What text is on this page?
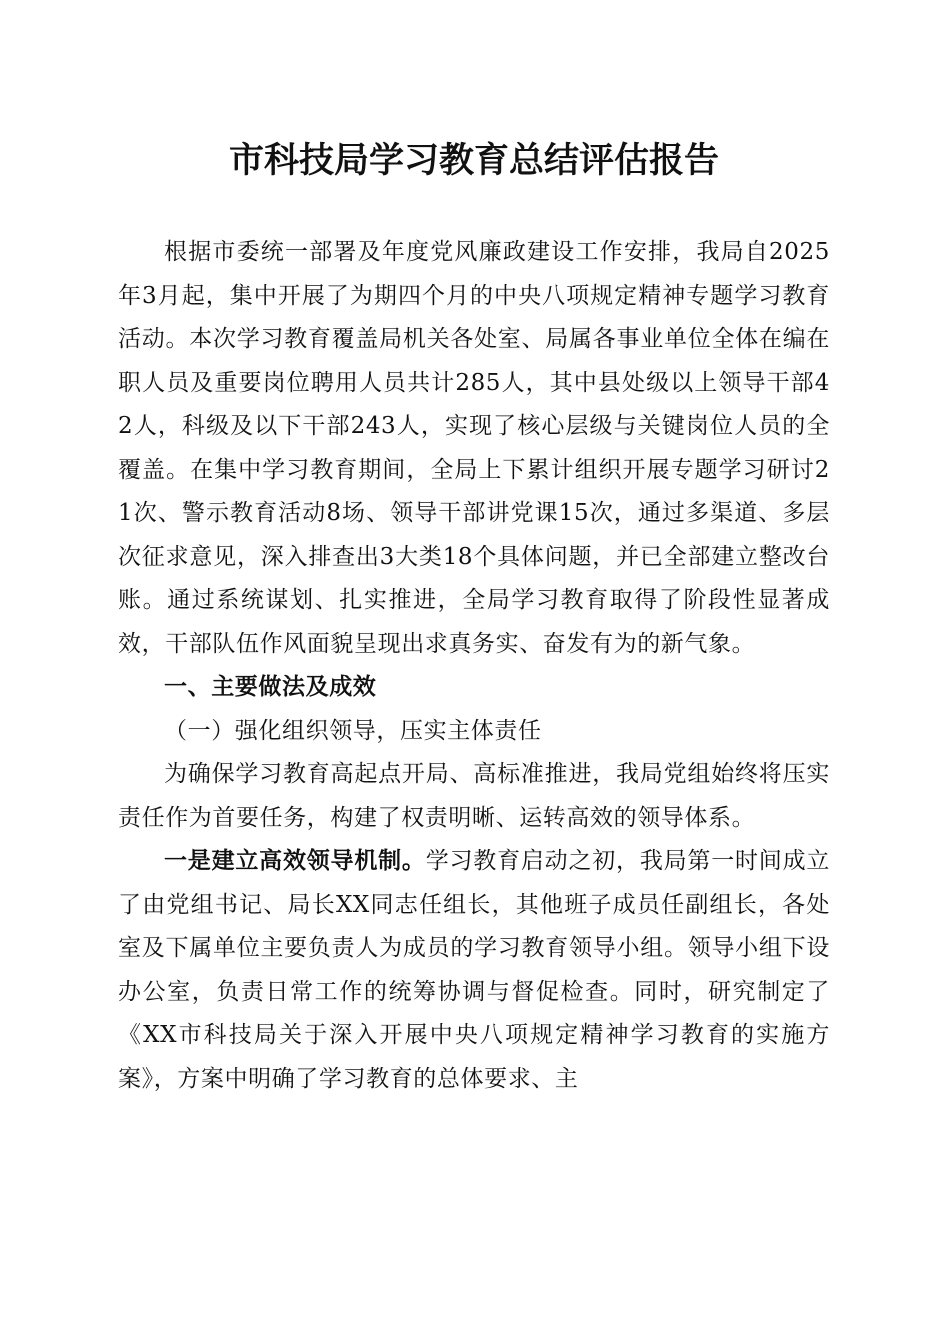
市科技局学习教育总结评估报告

根据市委统一部署及年度党风廉政建设工作安排，我局自2025年3月起，集中开展了为期四个月的中央八项规定精神专题学习教育活动。本次学习教育覆盖局机关各处室、局属各事业单位全体在编在职人员及重要岗位聘用人员共计285人，其中县处级以上领导干部42人，科级及以下干部243人，实现了核心层级与关键岗位人员的全覆盖。在集中学习教育期间，全局上下累计组织开展专题学习研讨21次、警示教育活动8场、领导干部讲党课15次，通过多渠道、多层次征求意见，深入排查出3大类18个具体问题，并已全部建立整改台账。通过系统谋划、扎实推进，全局学习教育取得了阶段性显著成效，干部队伍作风面貌呈现出求真务实、奋发有为的新气象。

一、主要做法及成效

（一）强化组织领导，压实主体责任

为确保学习教育高起点开局、高标准推进，我局党组始终将压实责任作为首要任务，构建了权责明晰、运转高效的领导体系。

一是建立高效领导机制。学习教育启动之初，我局第一时间成立了由党组书记、局长XX同志任组长，其他班子成员任副组长，各处室及下属单位主要负责人为成员的学习教育领导小组。领导小组下设办公室，负责日常工作的统筹协调与督促检查。同时，研究制定了《XX市科技局关于深入开展中央八项规定精神学习教育的实施方案》，方案中明确了学习教育的总体要求、主
